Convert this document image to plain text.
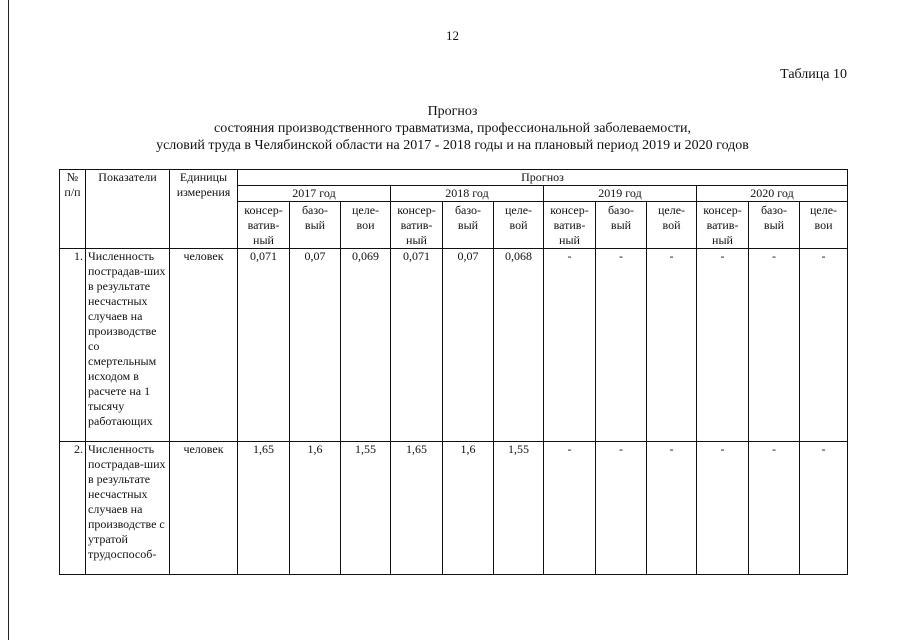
12
Таблица 10
Прогноз
состояния производственного травматизма, профессиональной заболеваемости,
условий труда в Челябинской области на 2017 - 2018 годы и на плановый период 2019 и 2020 годов
№ п/п	Показатели	Единицы измерения	Прогноз											
			2017 год			2018 год			2019 год			2020 год		
			консер-ватив-ный	базо-вый	целе-вои	консер-ватив-ный	базо-вый	целе-вой	консер-ватив-ный	базо-вый	целе-вой	консер-ватив-ный	базо-вый	целе-вои
1.	Численность пострадав-ших в результате несчастных случаев на производстве со смертельным исходом в расчете на 1 тысячу работающих	человек	0,071	0,07	0,069	0,071	0,07	0,068	-	-	-	-	-	-
2.	Численность пострадав-ших в результате несчастных случаев на производстве с утратой трудоспособ-	человек	1,65	1,6	1,55	1,65	1,6	1,55	-	-	-	-	-	-
